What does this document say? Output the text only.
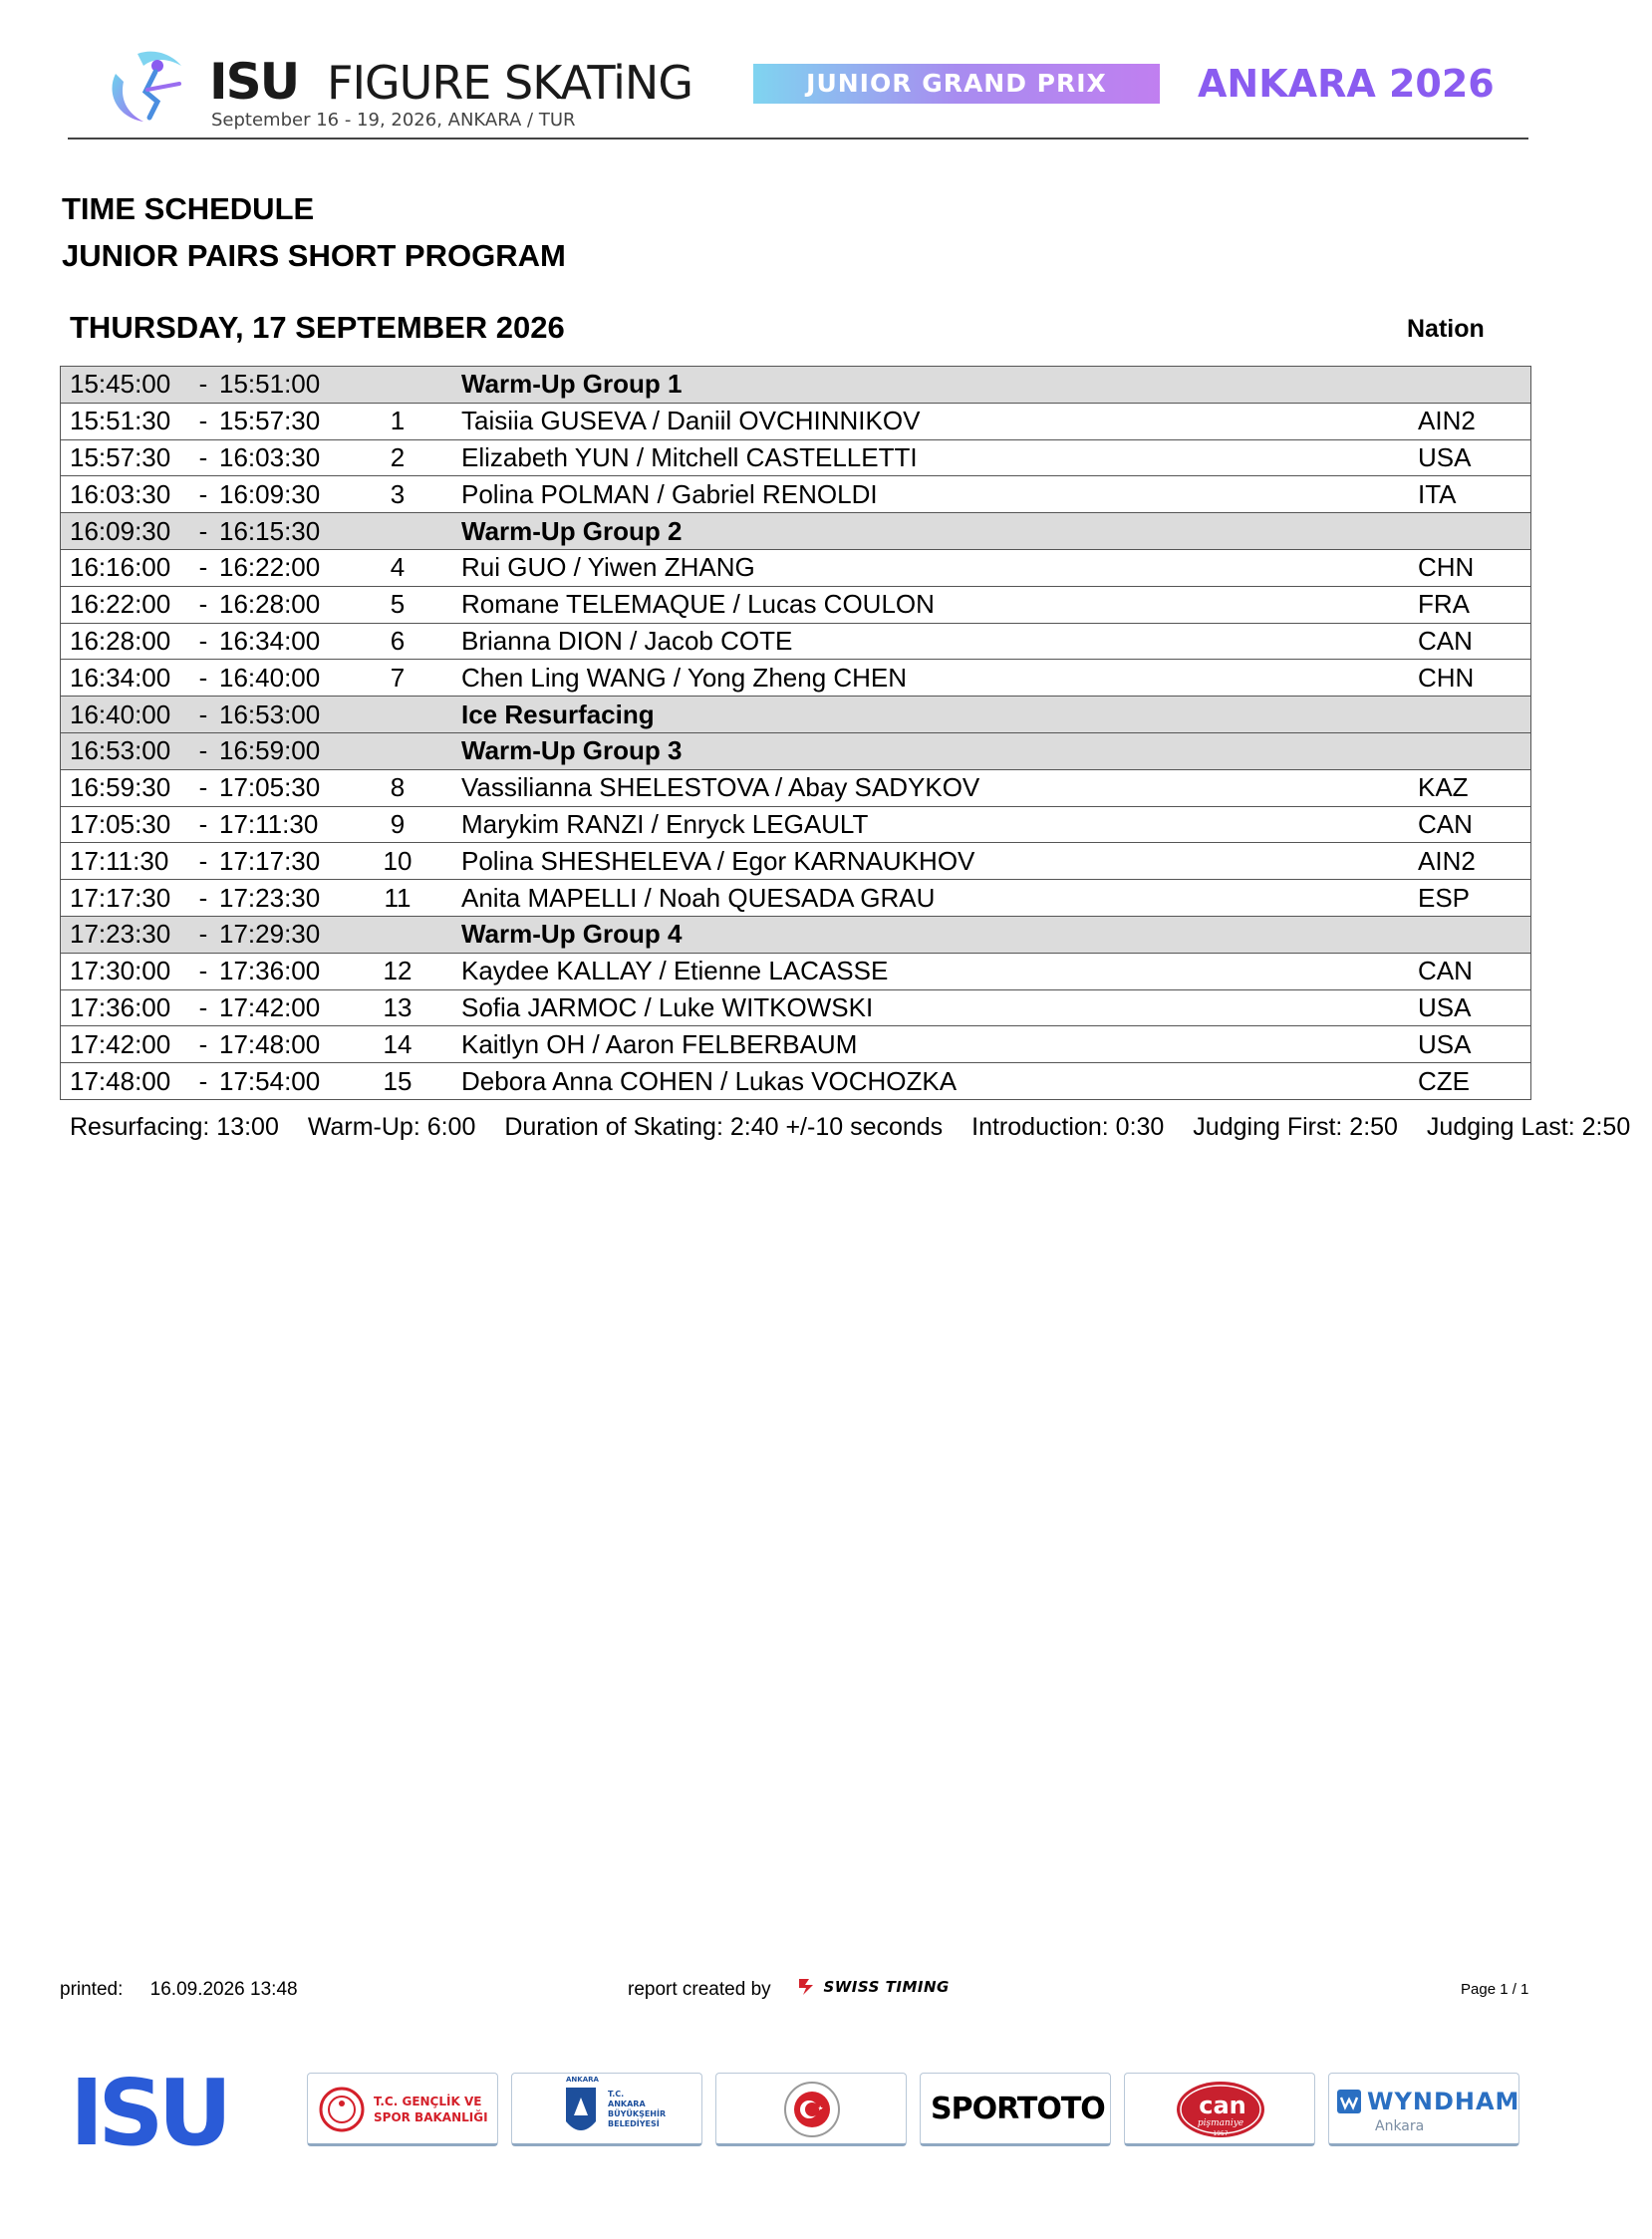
ISU FIGURE SKATiNG	JUNIOR GRAND PRIX	ANKARA 2026
September 16 - 19, 2026, ANKARA / TUR
TIME SCHEDULE
JUNIOR PAIRS SHORT PROGRAM
THURSDAY, 17 SEPTEMBER 2026	Nation
15:45:00	-	15:51:00			Warm-Up Group 1	
15:51:30	-	15:57:30	1		Taisiia GUSEVA / Daniil OVCHINNIKOV	AIN2
15:57:30	-	16:03:30	2		Elizabeth YUN / Mitchell CASTELLETTI	USA
16:03:30	-	16:09:30	3		Polina POLMAN / Gabriel RENOLDI	ITA
16:09:30	-	16:15:30			Warm-Up Group 2	
16:16:00	-	16:22:00	4		Rui GUO / Yiwen ZHANG	CHN
16:22:00	-	16:28:00	5		Romane TELEMAQUE / Lucas COULON	FRA
16:28:00	-	16:34:00	6		Brianna DION / Jacob COTE	CAN
16:34:00	-	16:40:00	7		Chen Ling WANG / Yong Zheng CHEN	CHN
16:40:00	-	16:53:00			Ice Resurfacing	
16:53:00	-	16:59:00			Warm-Up Group 3	
16:59:30	-	17:05:30	8		Vassilianna SHELESTOVA / Abay SADYKOV	KAZ
17:05:30	-	17:11:30	9		Marykim RANZI / Enryck LEGAULT	CAN
17:11:30	-	17:17:30	10		Polina SHESHELEVA / Egor KARNAUKHOV	AIN2
17:17:30	-	17:23:30	11		Anita MAPELLI / Noah QUESADA GRAU	ESP
17:23:30	-	17:29:30			Warm-Up Group 4	
17:30:00	-	17:36:00	12		Kaydee KALLAY / Etienne LACASSE	CAN
17:36:00	-	17:42:00	13		Sofia JARMOC / Luke WITKOWSKI	USA
17:42:00	-	17:48:00	14		Kaitlyn OH / Aaron FELBERBAUM	USA
17:48:00	-	17:54:00	15		Debora Anna COHEN / Lukas VOCHOZKA	CZE
Resurfacing: 13:00 Warm-Up: 6:00 Duration of Skating: 2:40 +/-10 seconds Introduction: 0:30 Judging First: 2:50 Judging Last: 2:50
printed: 16.09.2026 13:48	report created by	SWISS TIMING	Page 1 / 1
ISU	T.C. GENÇLİK VE
SPOR BAKANLIĞI
ANKARA
T.C.
ANKARA
BÜYÜKŞEHİR
BELEDİYESİ	SPORTOTO	can
pişmaniye
1957
WYNDHAM
Ankara
